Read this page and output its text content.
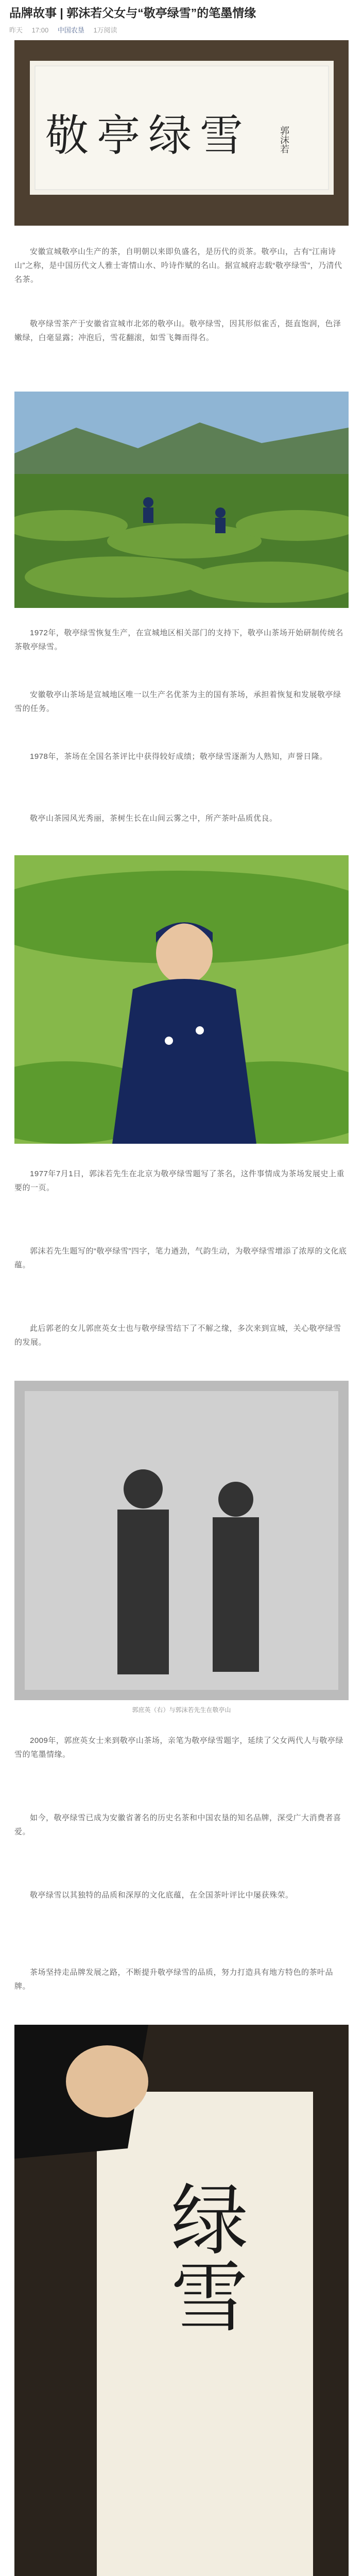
品牌故事 | 郭沫若父女与“敬亭绿雪”的笔墨情缘
昨天 17:00 中国农垦 1万阅读
敬亭绿雪	郭沫若

安徽宣城敬亭山生产的茶，自明朝以来即负盛名，是历代的贡茶。敬亭山，古有“江南诗山”之称，是中国历代文人雅士寄情山水、吟诗作赋的名山。据宣城府志载“敬亭绿雪”，乃清代名茶。

敬亭绿雪茶产于安徽省宣城市北郊的敬亭山。敬亭绿雪，因其形似雀舌，挺直饱润，色泽嫩绿，白毫显露；冲泡后，雪花翻滚，如雪飞舞而得名。

1972年，敬亭绿雪恢复生产，在宣城地区相关部门的支持下，敬亭山茶场开始研制传统名茶敬亭绿雪。

安徽敬亭山茶场是宣城地区唯一以生产名优茶为主的国有茶场，承担着恢复和发展敬亭绿雪的任务。

1978年，茶场在全国名茶评比中获得较好成绩；敬亭绿雪逐渐为人熟知，声誉日隆。

敬亭山茶园风光秀丽，茶树生长在山间云雾之中，所产茶叶品质优良。

1977年7月1日，郭沫若先生在北京为敬亭绿雪题写了茶名，这件事情成为茶场发展史上重要的一页。

郭沫若先生题写的“敬亭绿雪”四字，笔力遒劲，气韵生动，为敬亭绿雪增添了浓厚的文化底蕴。

此后郭老的女儿郭庶英女士也与敬亭绿雪结下了不解之缘，多次来到宣城，关心敬亭绿雪的发展。

郭庶英（右）与郭沫若先生在敬亭山

2009年，郭庶英女士来到敬亭山茶场，亲笔为敬亭绿雪题字，延续了父女两代人与敬亭绿雪的笔墨情缘。

如今，敬亭绿雪已成为安徽省著名的历史名茶和中国农垦的知名品牌，深受广大消费者喜爱。

敬亭绿雪以其独特的品质和深厚的文化底蕴，在全国茶叶评比中屡获殊荣。

茶场坚持走品牌发展之路，不断提升敬亭绿雪的品质，努力打造具有地方特色的茶叶品牌。

绿雪
